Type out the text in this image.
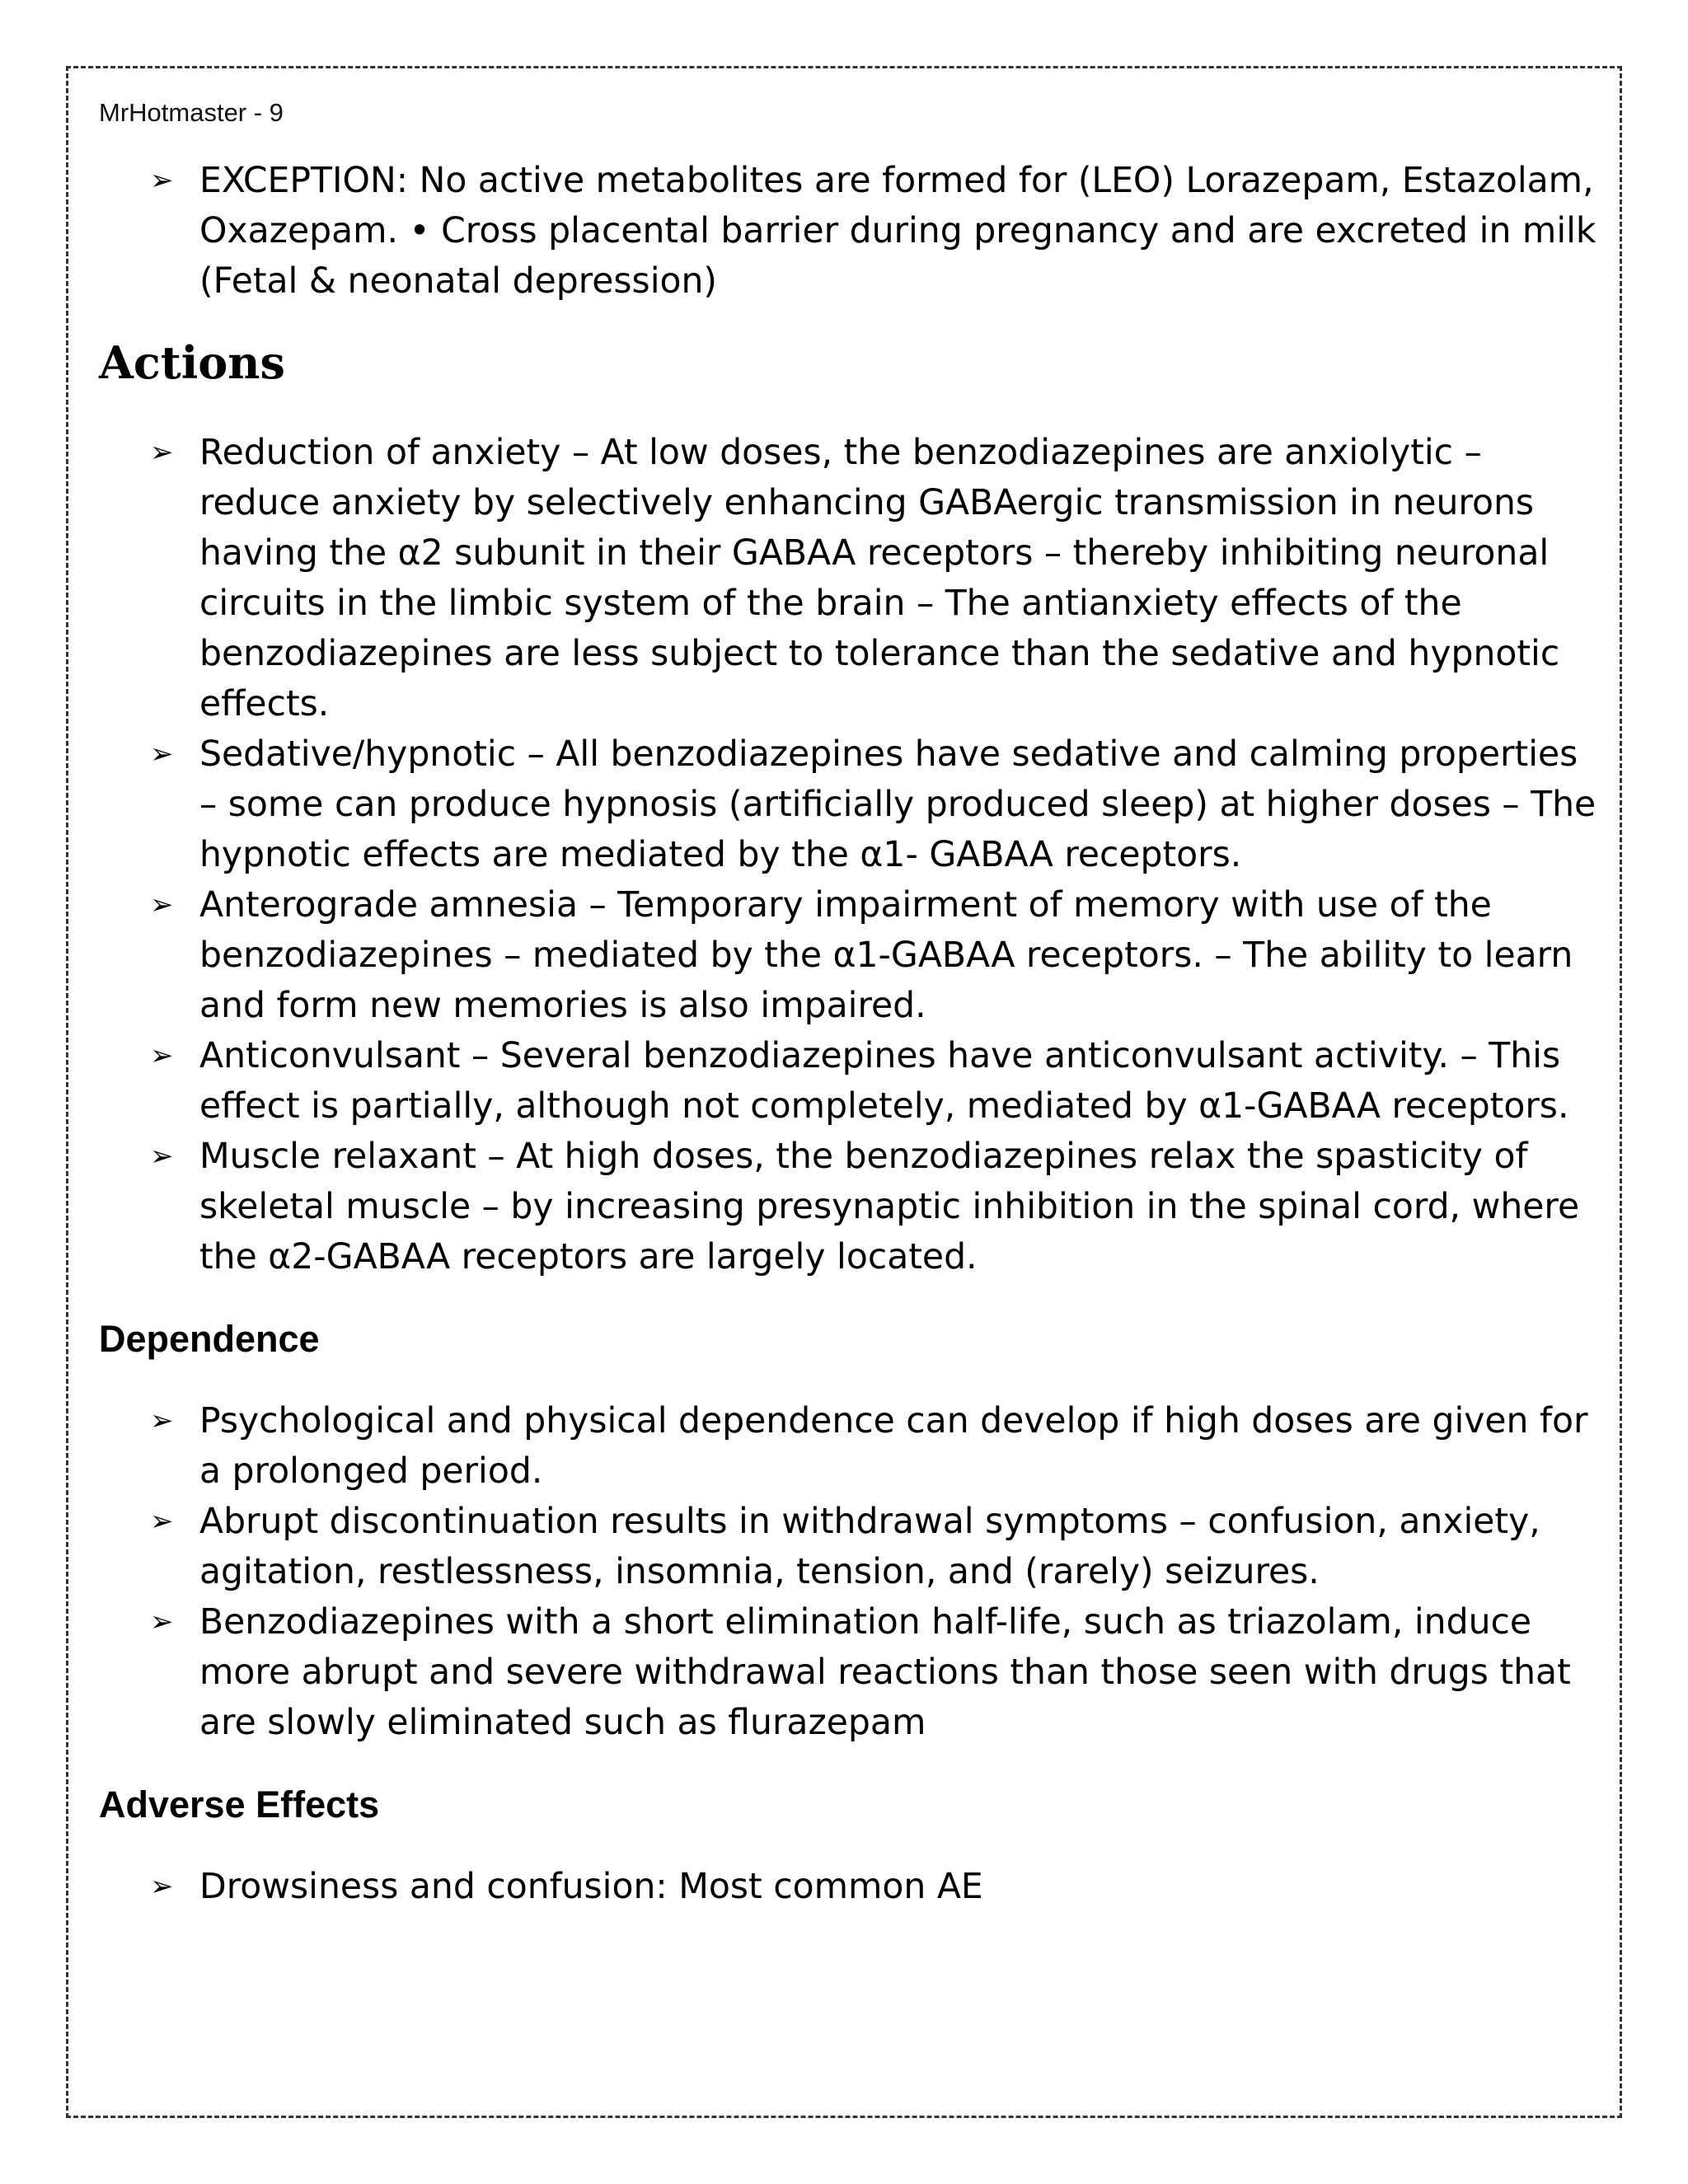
MrHotmaster - 9
➢ EXCEPTION: No active metabolites are formed for (LEO) Lorazepam, Estazolam, Oxazepam. • Cross placental barrier during pregnancy and are excreted in milk (Fetal & neonatal depression)
Actions
➢ Reduction of anxiety – At low doses, the benzodiazepines are anxiolytic – reduce anxiety by selectively enhancing GABAergic transmission in neurons having the α2 subunit in their GABAA receptors – thereby inhibiting neuronal circuits in the limbic system of the brain – The antianxiety effects of the benzodiazepines are less subject to tolerance than the sedative and hypnotic effects.
➢ Sedative/hypnotic – All benzodiazepines have sedative and calming properties – some can produce hypnosis (artificially produced sleep) at higher doses – The hypnotic effects are mediated by the α1- GABAA receptors.
➢ Anterograde amnesia – Temporary impairment of memory with use of the benzodiazepines – mediated by the α1-GABAA receptors. – The ability to learn and form new memories is also impaired.
➢ Anticonvulsant – Several benzodiazepines have anticonvulsant activity. – This effect is partially, although not completely, mediated by α1-GABAA receptors.
➢ Muscle relaxant – At high doses, the benzodiazepines relax the spasticity of skeletal muscle – by increasing presynaptic inhibition in the spinal cord, where the α2-GABAA receptors are largely located.
Dependence
➢ Psychological and physical dependence can develop if high doses are given for a prolonged period.
➢ Abrupt discontinuation results in withdrawal symptoms – confusion, anxiety, agitation, restlessness, insomnia, tension, and (rarely) seizures.
➢ Benzodiazepines with a short elimination half-life, such as triazolam, induce more abrupt and severe withdrawal reactions than those seen with drugs that are slowly eliminated such as flurazepam
Adverse Effects
➢ Drowsiness and confusion: Most common AE
